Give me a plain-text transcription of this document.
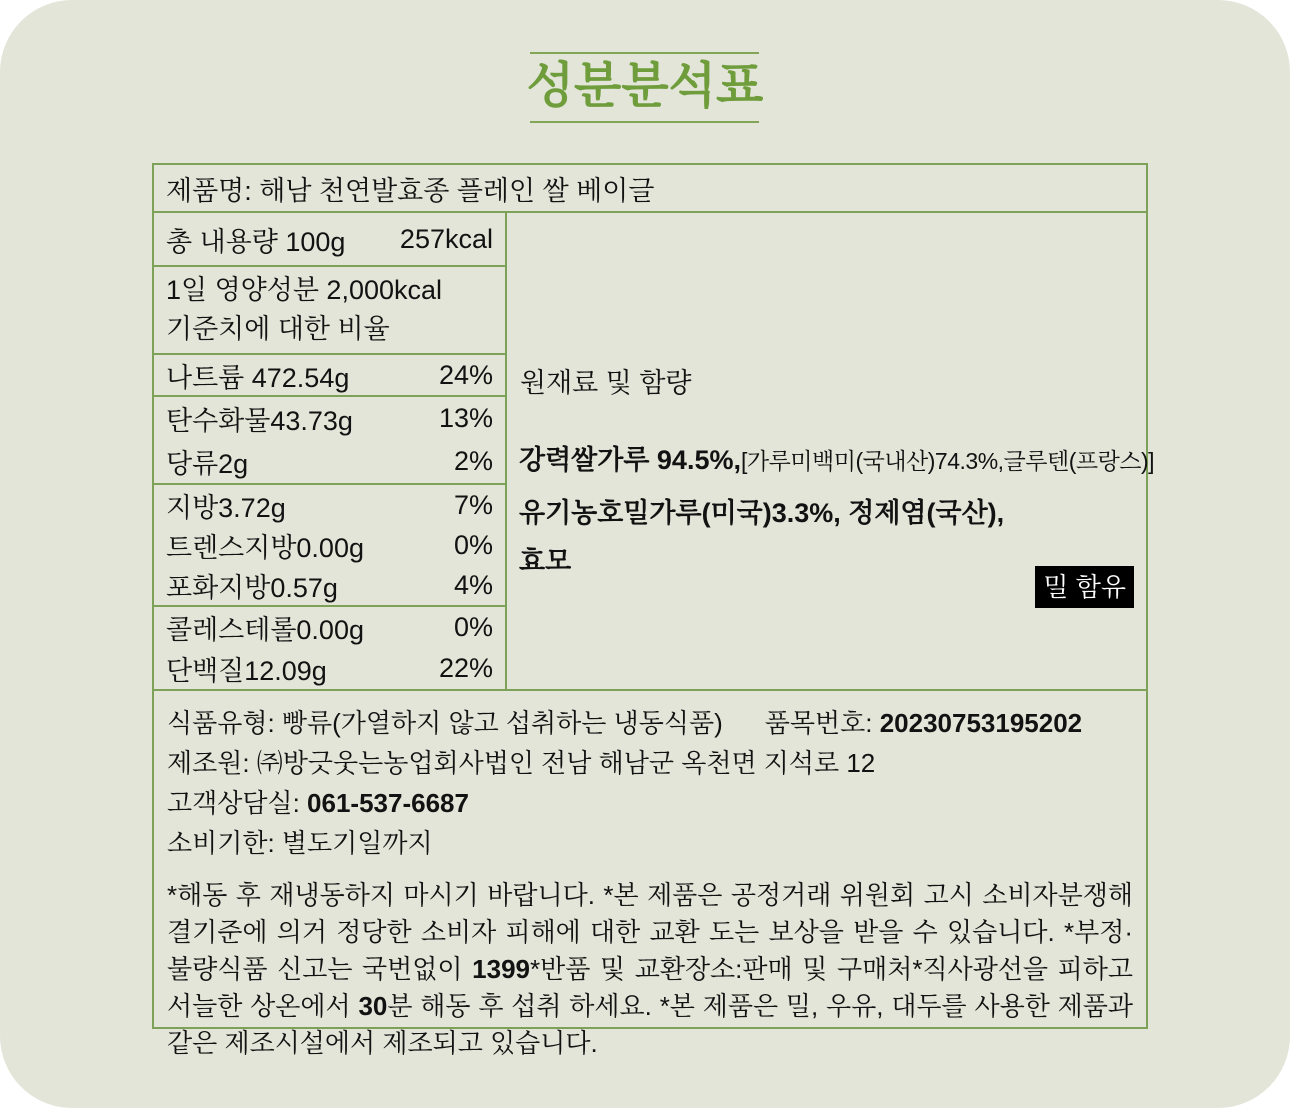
성분분석표
제품명: 해남 천연발효종 플레인 쌀 베이글
총 내용량 100g 257kcal
1일 영양성분 2,000kcal
기준치에 대한 비율
나트륨 472.54g	24%
탄수화물43.73g	13%
당류2g	2%
지방3.72g	7%
트렌스지방0.00g	0%
포화지방0.57g	4%
콜레스테롤0.00g	0%
단백질12.09g	22%
원재료 및 함량
강력쌀가루 94.5%,[가루미백미(국내산)74.3%,글루텐(프랑스)]
유기농호밀가루(미국)3.3%, 정제염(국산),
효모
밀 함유
식품유형: 빵류(가열하지 않고 섭취하는 냉동식품) 품목번호: 20230753195202
제조원: ㈜방긋웃는농업회사법인 전남 해남군 옥천면 지석로 12
고객상담실: 061-537-6687
소비기한: 별도기일까지

*해동 후 재냉동하지 마시기 바랍니다. *본 제품은 공정거래 위원회 고시 소비자분쟁해결기준에 의거 정당한 소비자 피해에 대한 교환 도는 보상을 받을 수 있습니다. *부정·불량식품 신고는 국번없이 1399*반품 및 교환장소:판매 및 구매처*직사광선을 피하고 서늘한 상온에서 30분 해동 후 섭취 하세요. *본 제품은 밀, 우유, 대두를 사용한 제품과 같은 제조시설에서 제조되고 있습니다.
